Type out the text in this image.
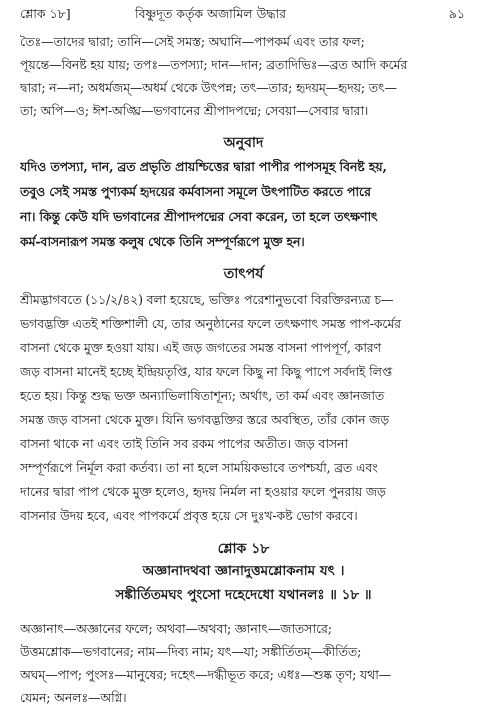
শ্লোক ১৮]	বিষ্ণুদূত কর্তৃক অজামিল উদ্ধার	৯১
তৈঃ—তাদের দ্বারা; তানি—সেই সমস্ত; অঘানি—পাপকর্ম এবং তার ফল;
পূয়ন্তে—বিনষ্ট হয় যায়; তপঃ—তপস্যা; দান—দান; ব্রতাদিভিঃ—ব্রত আদি কর্মের
দ্বারা; ন—না; অধর্মজম্—অধর্ম থেকে উৎপন্ন; তৎ—তার; হৃদয়ম্—হৃদয়; তৎ—
তা; অপি—ও; ঈশ-অঙ্ঘ্রি—ভগবানের শ্রীপাদপদ্মে; সেবয়া—সেবার দ্বারা।
অনুবাদ
যদিও তপস্যা, দান, ব্রত প্রভৃতি প্রায়শ্চিত্তের দ্বারা পাপীর পাপসমূহ বিনষ্ট হয়,
তবুও সেই সমস্ত পুণ্যকর্ম হৃদয়ের কর্মবাসনা সমূলে উৎপাটিত করতে পারে
না। কিন্তু কেউ যদি ভগবানের শ্রীপাদপদ্মের সেবা করেন, তা হলে তৎক্ষণাৎ
কর্ম-বাসনারূপ সমস্ত কলুষ থেকে তিনি সম্পূর্ণরূপে মুক্ত হন।
তাৎপর্য
শ্রীমদ্ভাগবতে (১১/২/৪২) বলা হয়েছে, ভক্তিঃ পরেশানুভবো বিরক্তিরন্যত্র চ—
ভগবদ্ভক্তি এতই শক্তিশালী যে, তার অনুষ্ঠানের ফলে তৎক্ষণাৎ সমস্ত পাপ-কর্মের
বাসনা থেকে মুক্ত হওয়া যায়। এই জড় জগতের সমস্ত বাসনা পাপপূর্ণ, কারণ
জড় বাসনা মানেই হচ্ছে ইন্দ্রিয়তৃপ্তি, যার ফলে কিছু না কিছু পাপে সর্বদাই লিপ্ত
হতে হয়। কিন্তু শুদ্ধ ভক্ত অন্যাভিলাষিতাশূন্য; অর্থাৎ, তা কর্ম এবং জ্ঞানজাত
সমস্ত জড় বাসনা থেকে মুক্ত। যিনি ভগবদ্ভক্তির স্তরে অবস্থিত, তাঁর কোন জড়
বাসনা থাকে না এবং তাই তিনি সব রকম পাপের অতীত। জড় বাসনা
সম্পূর্ণরূপে নির্মূল করা কর্তব্য। তা না হলে সাময়িকভাবে তপশ্চর্যা, ব্রত এবং
দানের দ্বারা পাপ থেকে মুক্ত হলেও, হৃদয় নির্মল না হওয়ার ফলে পুনরায় জড়
বাসনার উদয় হবে, এবং পাপকর্মে প্রবৃত্ত হয়ে সে দুঃখ-কষ্ট ভোগ করবে।
শ্লোক ১৮
অজ্ঞানাদথবা জ্ঞানাদুত্তমশ্লোকনাম যৎ ।
সঙ্কীর্তিতমঘং পুংসো দহেদেধো যথানলঃ ॥ ১৮ ॥
অজ্ঞানাৎ—অজ্ঞানের ফলে; অথবা—অথবা; জ্ঞানাৎ—জাতসারে;
উত্তমশ্লোক—ভগবানের; নাম—দিব্য নাম; যৎ—যা; সঙ্কীর্তিতম্—কীর্তিত;
অঘম্—পাপ; পুংসঃ—মানুষের; দহেৎ—দগ্ধীভূত করে; এধঃ—শুষ্ক তৃণ; যথা—
যেমন; অনলঃ—অগ্নি।
